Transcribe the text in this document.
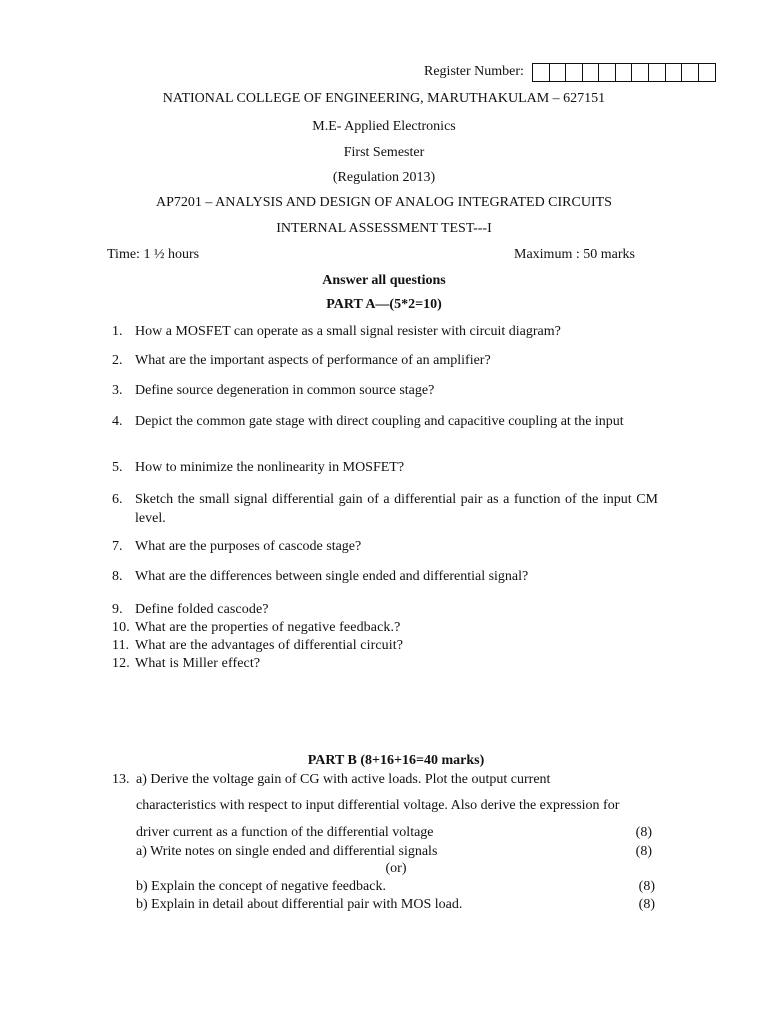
Register Number:
NATIONAL COLLEGE OF ENGINEERING, MARUTHAKULAM – 627151
M.E- Applied Electronics
First Semester
(Regulation 2013)
AP7201 – ANALYSIS AND DESIGN OF ANALOG INTEGRATED CIRCUITS
INTERNAL ASSESSMENT TEST---I
Time: 1 ½ hours	Maximum : 50 marks
Answer all questions
PART A—(5*2=10)
1. How a MOSFET can operate as a small signal resister with circuit diagram?
2. What are the important aspects of performance of an amplifier?
3. Define source degeneration in common source stage?
4. Depict the common gate stage with direct coupling and capacitive coupling at the input
5. How to minimize the nonlinearity in MOSFET?
6. Sketch the small signal differential gain of a differential pair as a function of the input CM level.
7. What are the purposes of cascode stage?
8. What are the differences between single ended and differential signal?
9. Define folded cascode?
10. What are the properties of negative feedback.?
11. What are the advantages of differential circuit?
12. What is Miller effect?
PART B (8+16+16=40 marks)
13. a) Derive the voltage gain of CG with active loads. Plot the output current
characteristics with respect to input differential voltage. Also derive the expression for
driver current as a function of the differential voltage	(8)
a) Write notes on single ended and differential signals	(8)
(or)
b) Explain the concept of negative feedback.	(8)
b) Explain in detail about differential pair with MOS load.	(8)
